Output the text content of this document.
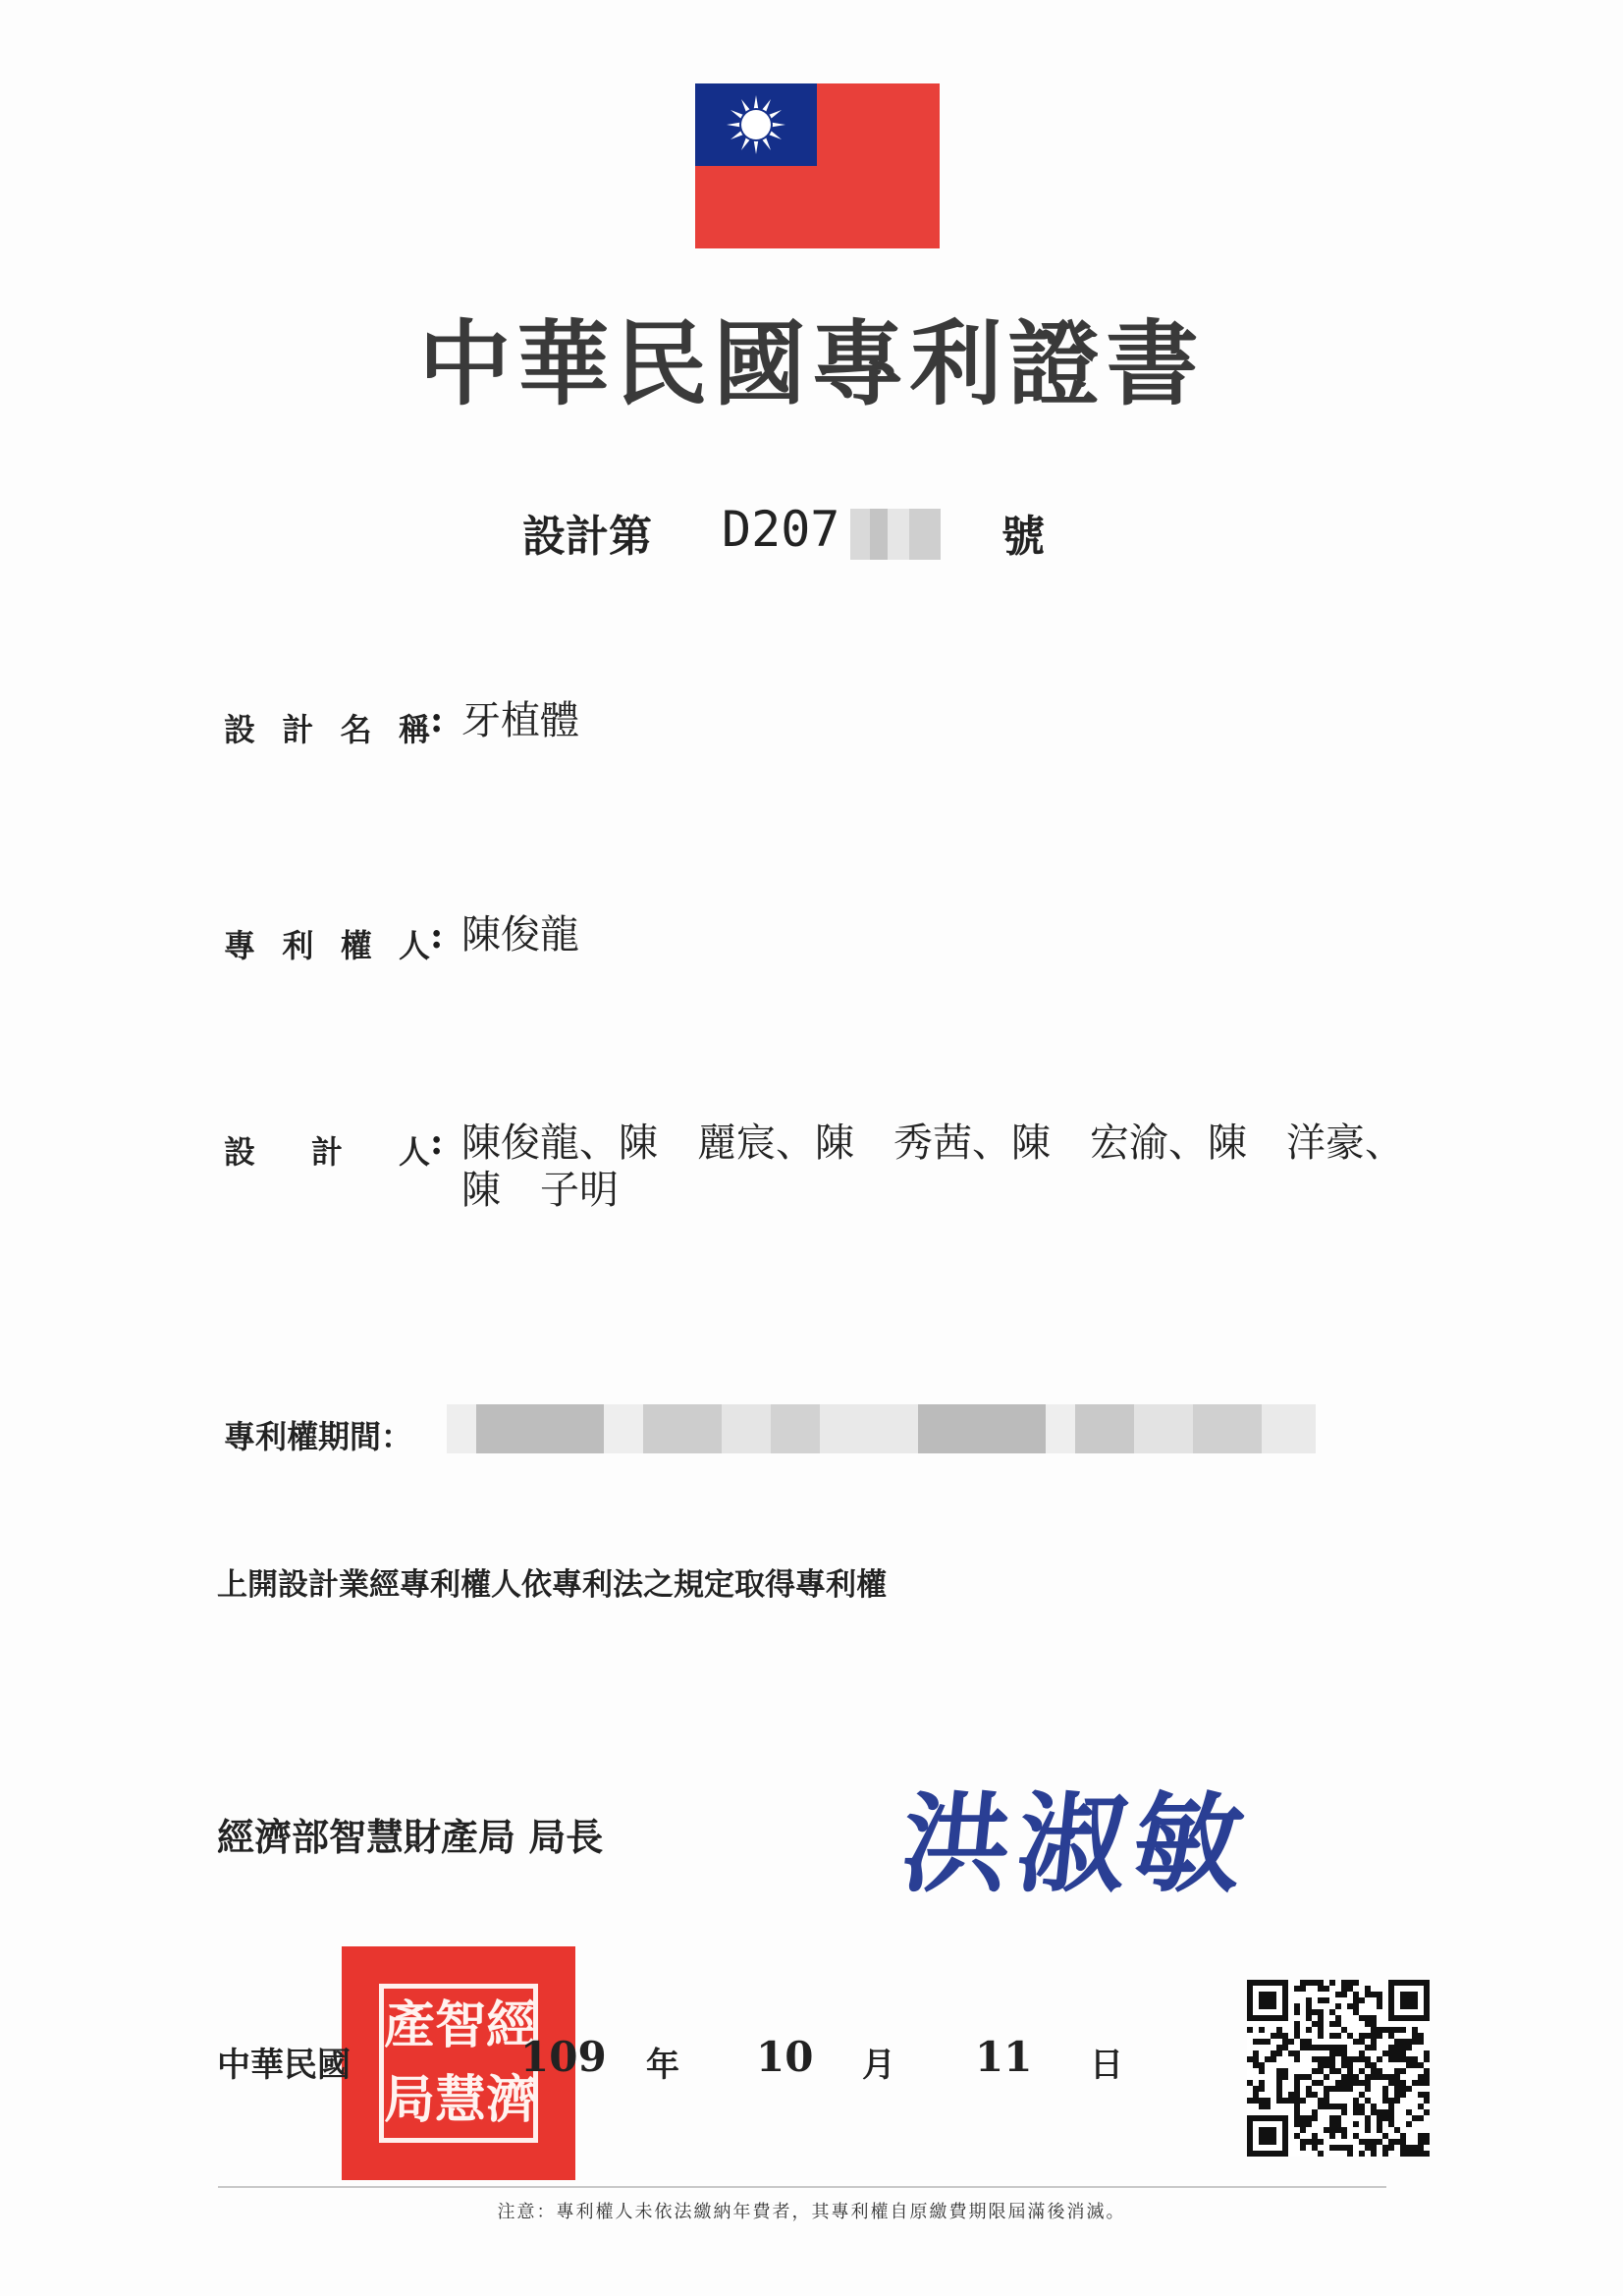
中華民國專利證書
設計第 D207	號
設 計 名 稱 : 牙植體
專 利 權 人 : 陳俊龍
設 計 人 : 陳俊龍、陳　麗宸、陳　秀茜、陳　宏渝、陳　洋豪、
陳　子明
專利權期間：
上開設計業經專利權人依專利法之規定取得專利權
經濟部智慧財產局 局長	洪淑敏
產 智 經
局 慧 濟
中華民國	109 年 10 月 11 日
注意：專利權人未依法繳納年費者，其專利權自原繳費期限屆滿後消滅。
